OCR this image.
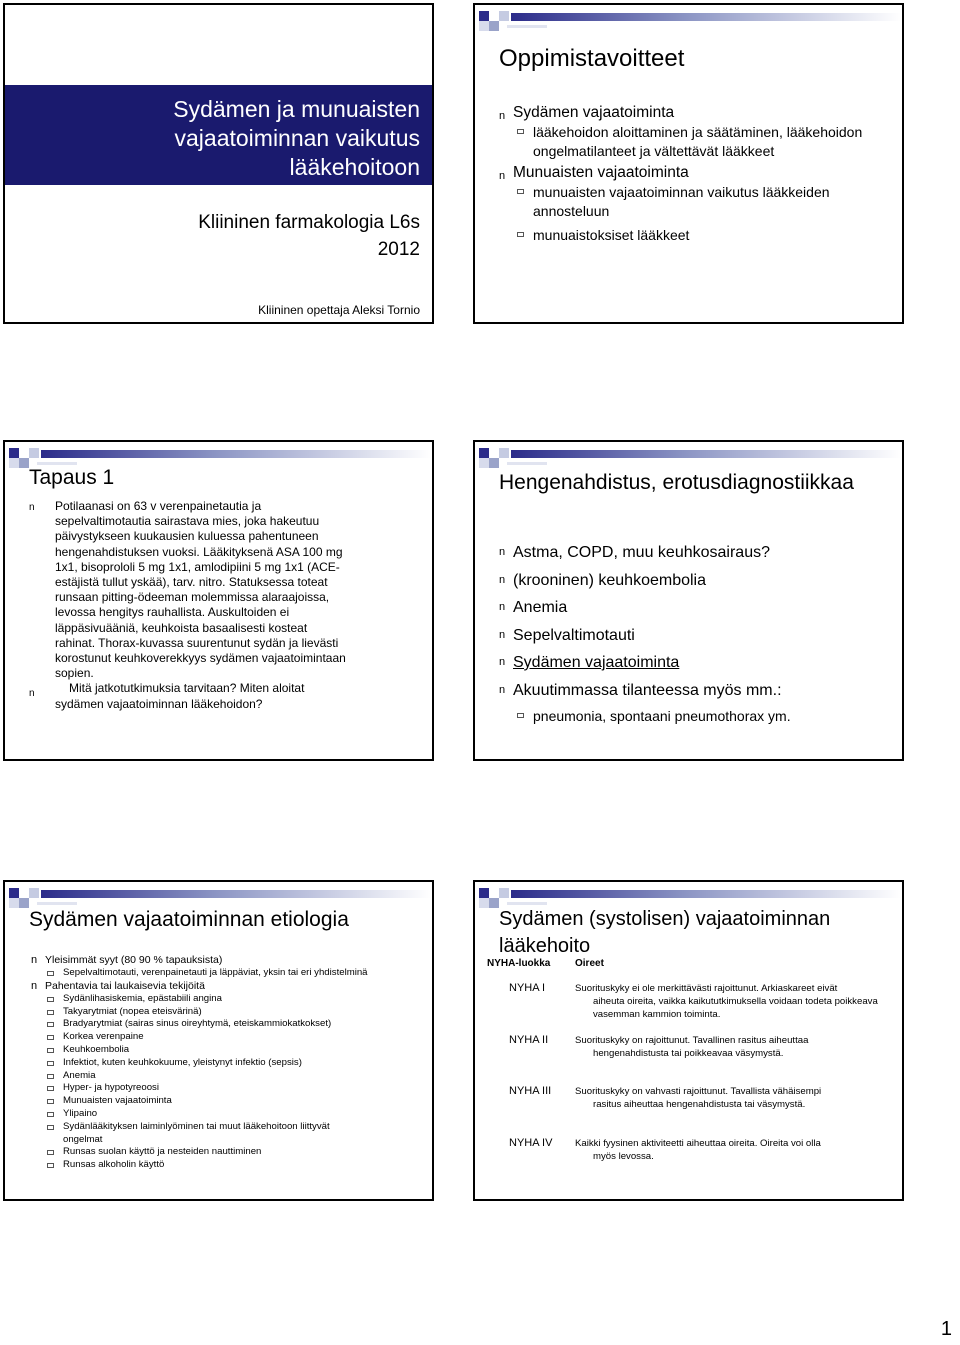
Sydämen ja munuaisten
vajaatoiminnan vaikutus
lääkehoitoon
Kliininen farmakologia L6s
2012
Kliininen opettaja Aleksi Tornio
Oppimistavoitteet
n Sydämen vajaatoiminta
lääkehoidon aloittaminen ja säätäminen, lääkehoidon ongelmatilanteet ja vältettävät lääkkeet
n Munuaisten vajaatoiminta
munuaisten vajaatoiminnan vaikutus lääkkeiden annosteluun
munuaistoksiset lääkkeet
Tapaus 1
n
n
Potilaanasi on 63 v verenpainetautia ja
sepelvaltimotautia sairastava mies, joka hakeutuu
päivystykseen kuukausien kuluessa pahentuneen
hengenahdistuksen vuoksi. Lääkityksenä ASA 100 mg
1x1, bisoprololi 5 mg 1x1, amlodipiini 5 mg 1x1 (ACE-
estäjistä tullut yskää), tarv. nitro. Statuksessa toteat
runsaan pitting-ödeeman molemmissa alaraajoissa,
levossa hengitys rauhallista. Auskultoiden ei
läppäsivuääniä, keuhkoista basaalisesti kosteat
rahinat. Thorax-kuvassa suurentunut sydän ja lievästi
korostunut keuhkoverekkyys sydämen vajaatoimintaan
sopien.
Mitä jatkotutkimuksia tarvitaan? Miten aloitat
sydämen vajaatoiminnan lääkehoidon?
Hengenahdistus, erotusdiagnostiikkaa
n Astma, COPD, muu keuhkosairaus?
n (krooninen) keuhkoembolia
n Anemia
n Sepelvaltimotauti
n Sydämen vajaatoiminta
n Akuutimmassa tilanteessa myös mm.:
pneumonia, spontaani pneumothorax ym.
Sydämen vajaatoiminnan etiologia
n Yleisimmät syyt (80 90 % tapauksista)
Sepelvaltimotauti, verenpainetauti ja läppäviat, yksin tai eri yhdistelminä
n Pahentavia tai laukaisevia tekijöitä
Sydänlihasiskemia, epästabiili angina
Takyarytmiat (nopea eteisvärinä)
Bradyarytmiat (sairas sinus oireyhtymä, eteiskammiokatkokset)
Korkea verenpaine
Keuhkoembolia
Infektiot, kuten keuhkokuume, yleistynyt infektio (sepsis)
Anemia
Hyper- ja hypotyreoosi
Munuaisten vajaatoiminta
Ylipaino
Sydänlääkityksen laiminlyöminen tai muut lääkehoitoon liittyvät ongelmat
Runsas suolan käyttö ja nesteiden nauttiminen
Runsas alkoholin käyttö
Sydämen (systolisen) vajaatoiminnan lääkehoito
NYHA-luokka Oireet
NYHA I	Suorituskyky ei ole merkittävästi rajoittunut. Arkiaskareet eivät
aiheuta oireita, vaikka kaikututkimuksella voidaan todeta poikkeava vasemman kammion toiminta.
NYHA II	Suorituskyky on rajoittunut. Tavallinen rasitus aiheuttaa
hengenahdistusta tai poikkeavaa väsymystä.
NYHA III	Suorituskyky on vahvasti rajoittunut. Tavallista vähäisempi
rasitus aiheuttaa hengenahdistusta tai väsymystä.
NYHA IV	Kaikki fyysinen aktiviteetti aiheuttaa oireita. Oireita voi olla
myös levossa.
1
